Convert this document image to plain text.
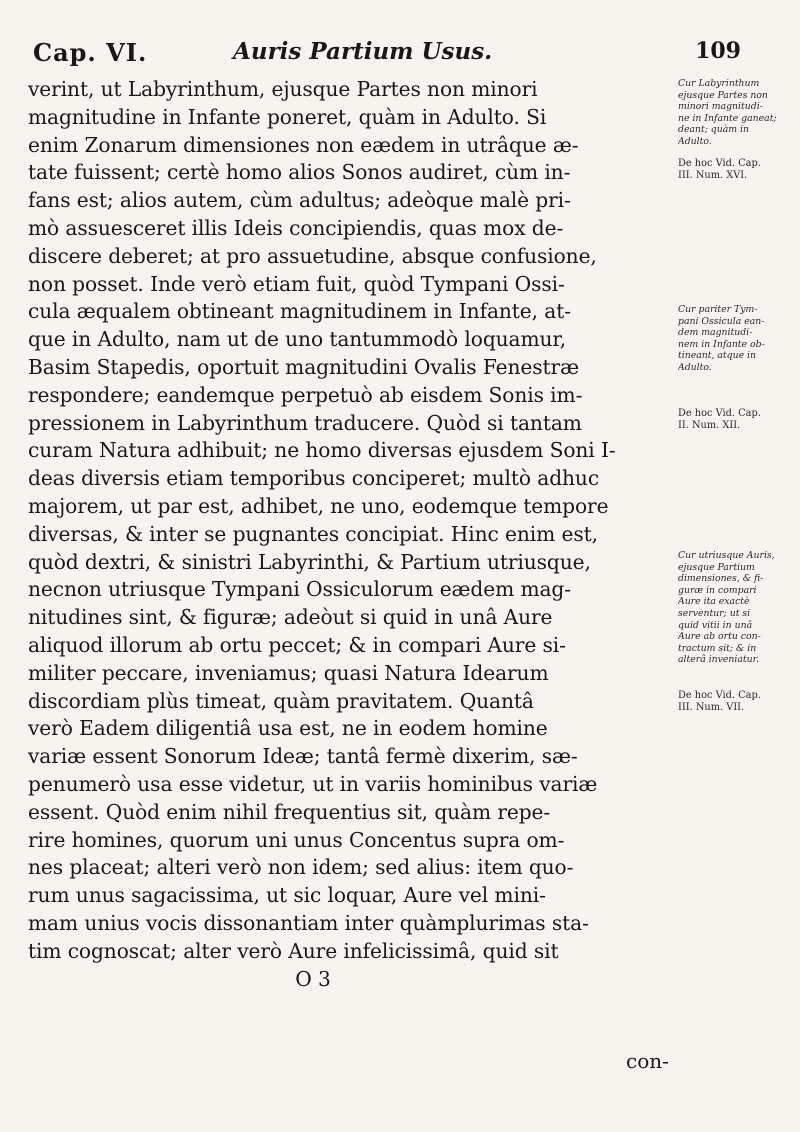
Cap. VI.	Auris Partium Usus.	109
verint, ut Labyrinthum, ejusque Partes non minori
magnitudine in Infante poneret, quàm in Adulto. Si
enim Zonarum dimensiones non eædem in utrâque æ-
tate fuissent; certè homo alios Sonos audiret, cùm in-
fans est; alios autem, cùm adultus; adeòque malè pri-
mò assuesceret illis Ideis concipiendis, quas mox de-
discere deberet; at pro assuetudine, absque confusione,
non posset. Inde verò etiam fuit, quòd Tympani Ossi-
cula æqualem obtineant magnitudinem in Infante, at-
que in Adulto, nam ut de uno tantummodò loquamur,
Basim Stapedis, oportuit magnitudini Ovalis Fenestræ
respondere; eandemque perpetuò ab eisdem Sonis im-
pressionem in Labyrinthum traducere. Quòd si tantam
curam Natura adhibuit; ne homo diversas ejusdem Soni I-
deas diversis etiam temporibus conciperet; multò adhuc
majorem, ut par est, adhibet, ne uno, eodemque tempore
diversas, & inter se pugnantes concipiat. Hinc enim est,
quòd dextri, & sinistri Labyrinthi, & Partium utriusque,
necnon utriusque Tympani Ossiculorum eædem mag-
nitudines sint, & figuræ; adeòut si quid in unâ Aure
aliquod illorum ab ortu peccet; & in compari Aure si-
militer peccare, inveniamus; quasi Natura Idearum
discordiam plùs timeat, quàm pravitatem. Quantâ
verò Eadem diligentiâ usa est, ne in eodem homine
variæ essent Sonorum Ideæ; tantâ fermè dixerim, sæ-
penumerò usa esse videtur, ut in variis hominibus variæ
essent. Quòd enim nihil frequentius sit, quàm repe-
rire homines, quorum uni unus Concentus supra om-
nes placeat; alteri verò non idem; sed alius: item quo-
rum unus sagacissima, ut sic loquar, Aure vel mini-
mam unius vocis dissonantiam inter quàmplurimas sta-
tim cognoscat; alter verò Aure infelicissimâ, quid sit
O 3
con-
Cur Labyrinthum
ejusque Partes non
minori magnitudi-
ne in Infante ganeat;
deant; quàm in
Adulto.
De hoc Vid. Cap.
III. Num. XVI.
Cur pariter Tym-
pani Ossicula ean-
dem magnitudi-
nem in Infante ob-
tineant, atque in
Adulto.
De hoc Vid. Cap.
II. Num. XII.
Cur utriusque Auris,
ejusque Partium
dimensiones, & fi-
guræ in compari
Aure ita exactè
serventur; ut si
quid vitii in unâ
Aure ab ortu con-
tractum sit; & in
alterâ inveniatur.
De hoc Vid. Cap.
III. Num. VII.
